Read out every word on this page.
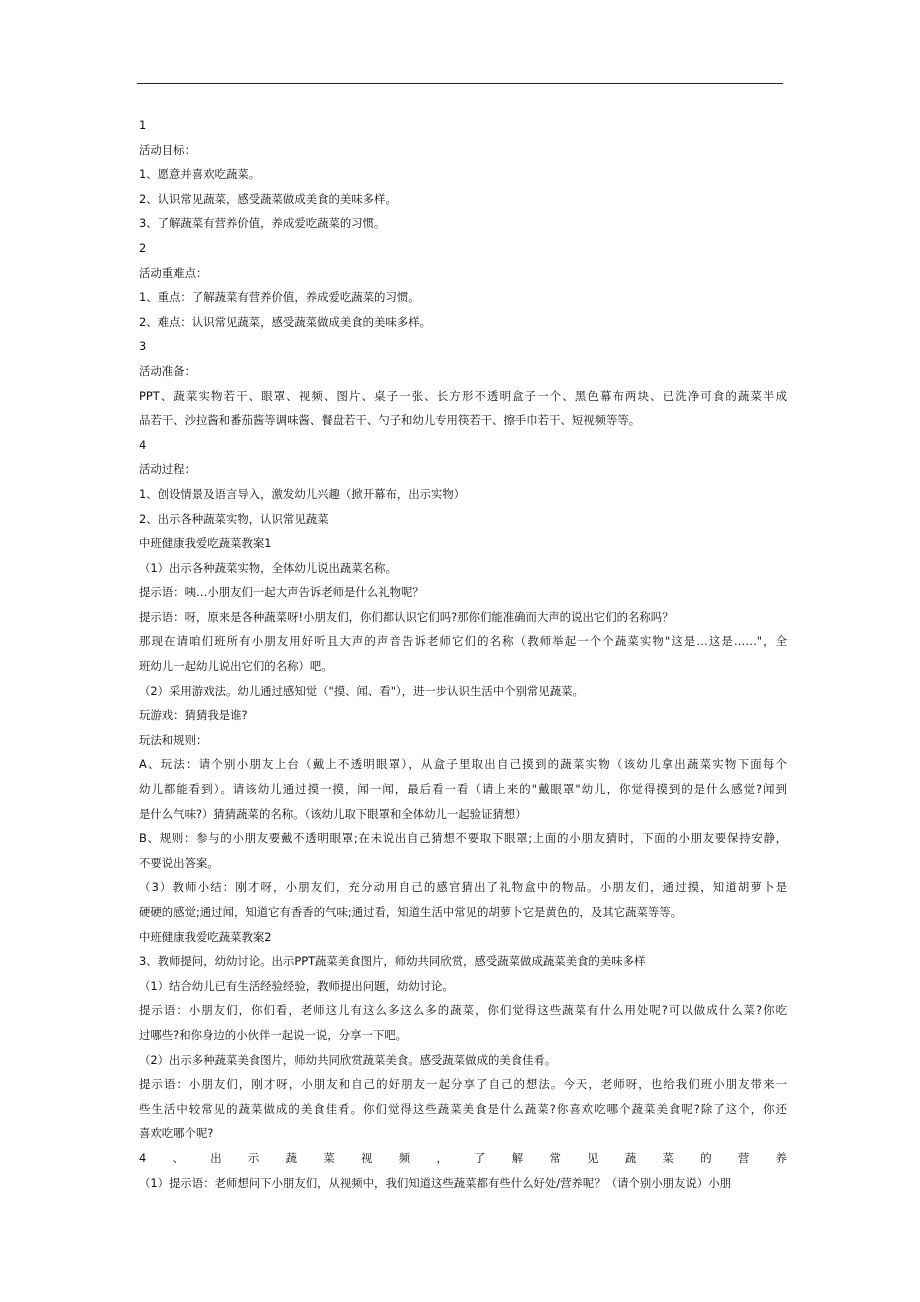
1
活动目标：
1、愿意并喜欢吃蔬菜。
2、认识常见蔬菜，感受蔬菜做成美食的美味多样。
3、了解蔬菜有营养价值，养成爱吃蔬菜的习惯。
2
活动重难点：
1、重点：了解蔬菜有营养价值，养成爱吃蔬菜的习惯。
2、难点：认识常见蔬菜，感受蔬菜做成美食的美味多样。
3
活动准备：
PPT、蔬菜实物若干、眼罩、视频、图片、桌子一张、长方形不透明盒子一个、黑色幕布两块、已洗净可食的蔬菜半成
品若干、沙拉酱和番茄酱等调味酱、餐盘若干、勺子和幼儿专用筷若干、擦手巾若干、短视频等等。
4
活动过程：
1、创设情景及语言导入，激发幼儿兴趣（掀开幕布，出示实物）
2、出示各种蔬菜实物，认识常见蔬菜
中班健康我爱吃蔬菜教案1
（1）出示各种蔬菜实物，全体幼儿说出蔬菜名称。
提示语：咦…小朋友们一起大声告诉老师是什么礼物呢？
提示语：呀，原来是各种蔬菜呀!小朋友们，你们都认识它们吗?那你们能准确而大声的说出它们的名称吗？
那现在请咱们班所有小朋友用好听且大声的声音告诉老师它们的名称（教师举起一个个蔬菜实物"这是…这是……"，全
班幼儿一起幼儿说出它们的名称）吧。
（2）采用游戏法。幼儿通过感知觉（"摸、闻、看"），进一步认识生活中个别常见蔬菜。
玩游戏：猜猜我是谁?
玩法和规则：
A、玩法：请个别小朋友上台（戴上不透明眼罩），从盒子里取出自己摸到的蔬菜实物（该幼儿拿出蔬菜实物下面每个
幼儿都能看到）。请该幼儿通过摸一摸，闻一闻，最后看一看（请上来的"戴眼罩"幼儿，你觉得摸到的是什么感觉?闻到
是什么气味?）猜猜蔬菜的名称。（该幼儿取下眼罩和全体幼儿一起验证猜想）
B、规则：参与的小朋友要戴不透明眼罩;在未说出自己猜想不要取下眼罩;上面的小朋友猜时，下面的小朋友要保持安静，
不要说出答案。
（3）教师小结：刚才呀，小朋友们，充分动用自己的感官猜出了礼物盒中的物品。小朋友们，通过摸，知道胡萝卜是
硬硬的感觉;通过闻，知道它有香香的气味;通过看，知道生活中常见的胡萝卜它是黄色的，及其它蔬菜等等。
中班健康我爱吃蔬菜教案2
3、教师提问，幼幼讨论。出示PPT蔬菜美食图片，师幼共同欣赏，感受蔬菜做成蔬菜美食的美味多样
（1）结合幼儿已有生活经验经验，教师提出问题，幼幼讨论。
提示语：小朋友们，你们看，老师这儿有这么多这么多的蔬菜，你们觉得这些蔬菜有什么用处呢?可以做成什么菜?你吃
过哪些?和你身边的小伙伴一起说一说，分享一下吧。
（2）出示多种蔬菜美食图片，师幼共同欣赏蔬菜美食。感受蔬菜做成的美食佳肴。
提示语：小朋友们，刚才呀，小朋友和自己的好朋友一起分享了自己的想法。今天，老师呀，也给我们班小朋友带来一
些生活中较常见的蔬菜做成的美食佳肴。你们觉得这些蔬菜美食是什么蔬菜?你喜欢吃哪个蔬菜美食呢?除了这个，你还
喜欢吃哪个呢?
4、出示蔬菜视频，了解常见蔬菜的营养
（1）提示语：老师想问下小朋友们，从视频中，我们知道这些蔬菜都有些什么好处/营养呢？（请个别小朋友说）小朋
